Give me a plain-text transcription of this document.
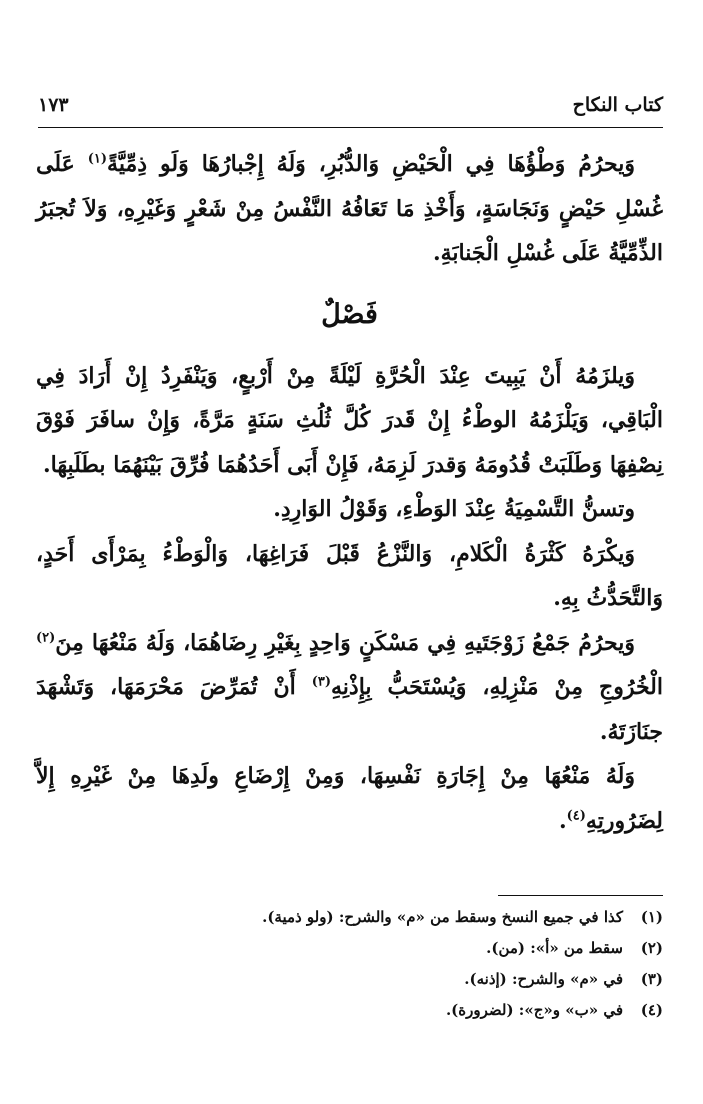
كتاب النكاح
١٧٣

وَيحرُمُ وَطْؤُهَا فِي الْحَيْضِ وَالدُّبُرِ، وَلَهُ إِجْبارُهَا وَلَو ذِمِّيَّةً$^{(١)}$ عَلَى غُسْلِ حَيْضٍ وَنَجَاسَةٍ، وَأَخْذِ مَا تَعَافُهُ النَّفْسُ مِنْ شَعْرٍ وَغَيْرِهِ، وَلاَ تُجبَرُ الذِّمِّيَّةُ عَلَى غُسْلِ الْجَنابَةِ.

فَصْلٌ

وَيلزَمُهُ أَنْ يَبِيتَ عِنْدَ الْحُرَّةِ لَيْلَةً مِنْ أَرْبعٍ، وَيَنْفَرِدُ إِنْ أَرَادَ فِي الْبَاقِي، وَيَلْزَمُهُ الوطْءُ إِنْ قَدرَ كُلَّ ثُلُثِ سَنَةٍ مَرَّةً، وَإِنْ سافَرَ فَوْقَ نِصْفِهَا وَطَلَبَتْ قُدُومَهُ وَقدرَ لَزِمَهُ، فَإِنْ أَبَى أَحَدُهُمَا فُرِّقَ بَيْنَهُمَا بطَلَبِهَا.

وتسنُّ التَّسْمِيَةُ عِنْدَ الوَطْءِ، وَقَوْلُ الوَارِدِ.

وَيكْرَهُ كَثْرَةُ الْكَلامِ، وَالنَّزْعُ قَبْلَ فَرَاغِهَا، وَالْوَطْءُ بِمَرْأَى أَحَدٍ، وَالتَّحَدُّثُ بِهِ.

وَيحرُمُ جَمْعُ زَوْجَتَيهِ فِي مَسْكَنٍ وَاحِدٍ بِغَيْرِ رِضَاهُمَا، وَلَهُ مَنْعُهَا مِنَ$^{(٢)}$ الْخُرُوجِ مِنْ مَنْزِلِهِ، وَيُسْتَحَبُّ بِإِذْنِهِ$^{(٣)}$ أَنْ تُمَرِّضَ مَحْرَمَهَا، وَتَشْهَدَ جنَازَتَهُ.

وَلَهُ مَنْعُهَا مِنْ إِجَارَةِ نَفْسِهَا، وَمِنْ إِرْضَاعِ ولَدِهَا مِنْ غَيْرِهِ إِلاَّ لِضَرُورتِهِ$^{(٤)}$.

(١)
كذا في جميع النسخ وسقط من «م» والشرح: (ولو ذمية).
(٢)
سقط من «أ»: (من).
(٣)
في «م» والشرح: (إذنه).
(٤)
في «ب» و«ج»: (لضرورة).
